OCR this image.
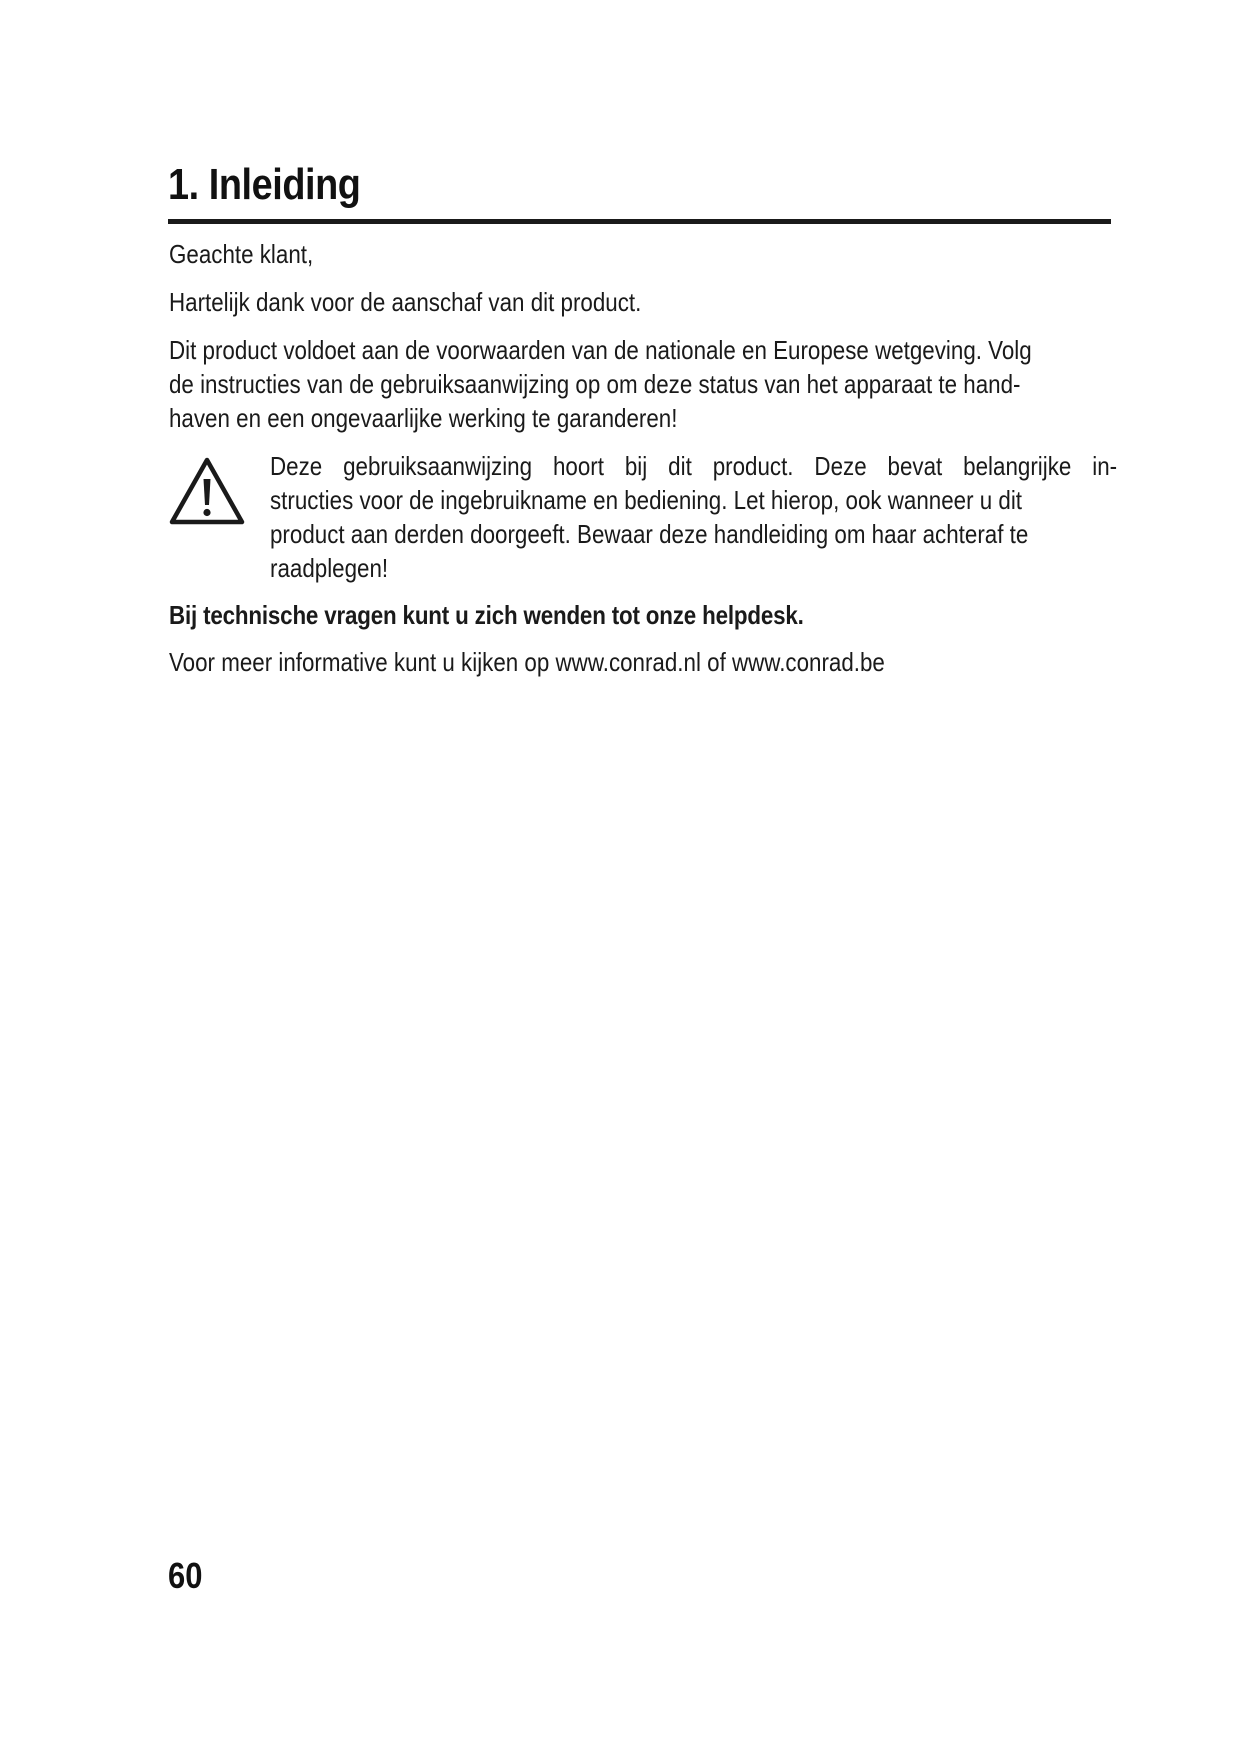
1. Inleiding

Geachte klant,

Hartelijk dank voor de aanschaf van dit product.

Dit product voldoet aan de voorwaarden van de nationale en Europese wetgeving. Volg
de instructies van de gebruiksaanwijzing op om deze status van het apparaat te hand-
haven en een ongevaarlijke werking te garanderen!

Deze gebruiksaanwijzing hoort bij dit product. Deze bevat belangrijke in-
structies voor de ingebruikname en bediening. Let hierop, ook wanneer u dit
product aan derden doorgeeft. Bewaar deze handleiding om haar achteraf te
raadplegen!

Bij technische vragen kunt u zich wenden tot onze helpdesk.

Voor meer informative kunt u kijken op www.conrad.nl of www.conrad.be

60
